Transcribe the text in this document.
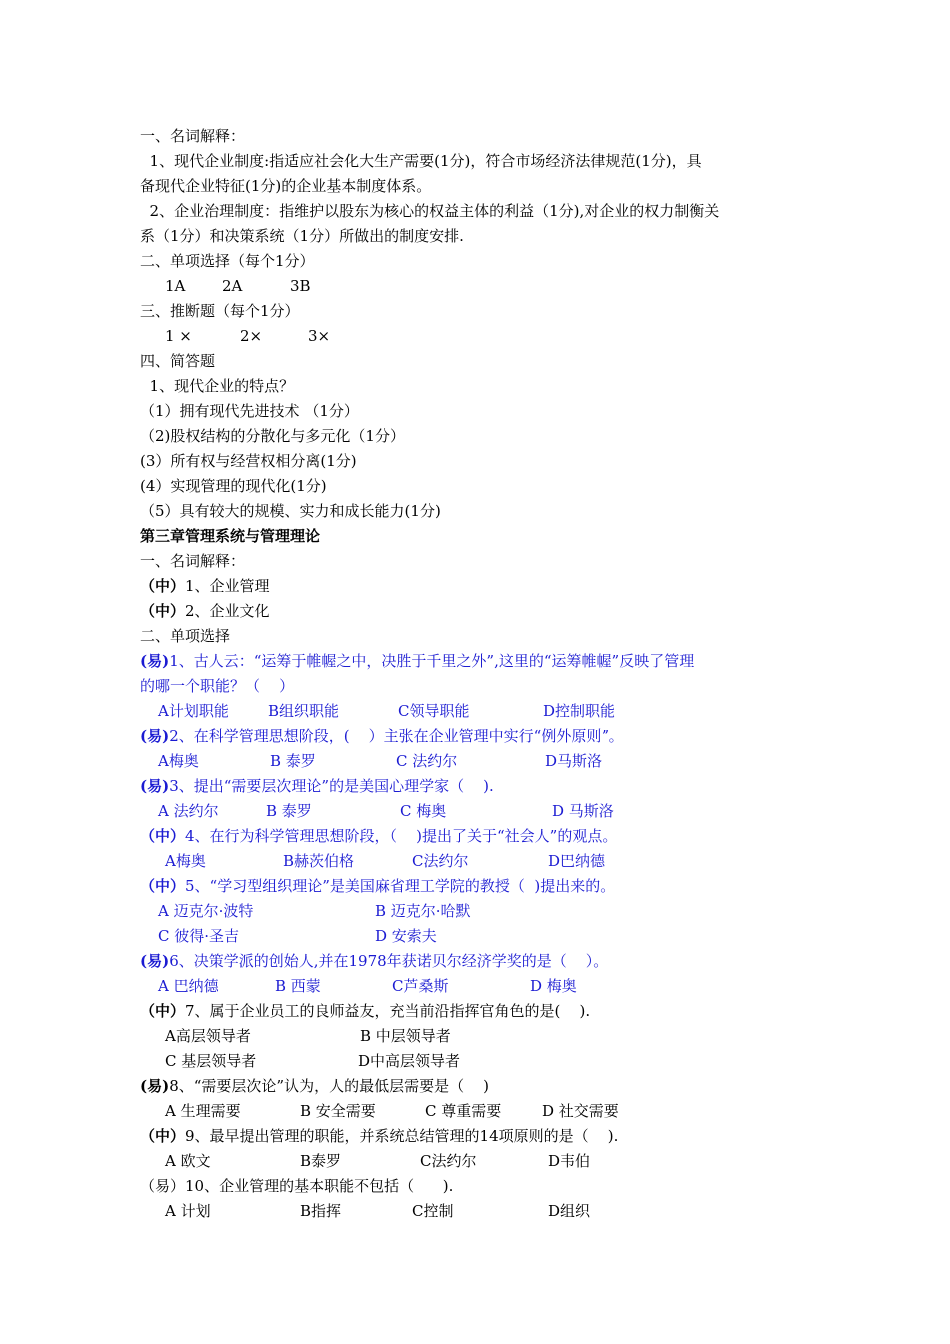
一、名词解释：
1、现代企业制度:指适应社会化大生产需要(1分)，符合市场经济法律规范(1分)，具
备现代企业特征(1分)的企业基本制度体系。
2、企业治理制度：指维护以股东为核心的权益主体的利益（1分),对企业的权力制衡关
系（1分）和决策系统（1分）所做出的制度安排.
二、单项选择（每个1分）
1A 2A	3B
三、推断题（每个1分）
1 ×	2×	3×
四、简答题
1、现代企业的特点？
（1）拥有现代先进技术 （1分）
（2)股权结构的分散化与多元化（1分）
(3）所有权与经营权相分离(1分)
(4）实现管理的现代化(1分)
（5）具有较大的规模、实力和成长能力(1分)
第三章管理系统与管理理论
一、名词解释：
（中）1、企业管理
（中）2、企业文化
二、单项选择
(易)1、古人云：“运筹于帷幄之中，决胜于千里之外”,这里的“运筹帷幄”反映了管理
的哪一个职能？（    ）
A计划职能	B组织职能	C领导职能	D控制职能
(易)2、在科学管理思想阶段，(    ）主张在企业管理中实行“例外原则ˮ。
A梅奥	B 泰罗	C 法约尔	D马斯洛
(易)3、提出“需要层次理论”的是美国心理学家（    ).
A 法约尔	B 泰罗	C 梅奥	D 马斯洛
（中）4、在行为科学管理思想阶段，（    )提出了关于“社会人”的观点。
A梅奥	B赫茨伯格	C法约尔	D巴纳德
（中）5、“学习型组织理论”是美国麻省理工学院的教授（  )提出来的。
A 迈克尔·波特	B 迈克尔·哈默
C 彼得·圣吉	D 安索夫
(易)6、决策学派的创始人,并在1978年获诺贝尔经济学奖的是（    ）。
A 巴纳德	B 西蒙	C芦桑斯	D 梅奥
（中）7、属于企业员工的良师益友，充当前沿指挥官角色的是(    ).
A高层领导者	B 中层领导者
C 基层领导者	D中高层领导者
(易)8、“需要层次论”认为，人的最低层需要是（    )
A 生理需要	B 安全需要	C 尊重需要	D 社交需要
（中）9、最早提出管理的职能，并系统总结管理的14项原则的是（    ).
A 欧文	B泰罗	C法约尔	D韦伯
（易）10、企业管理的基本职能不包括（      ).
A 计划	B指挥	C控制	D组织
